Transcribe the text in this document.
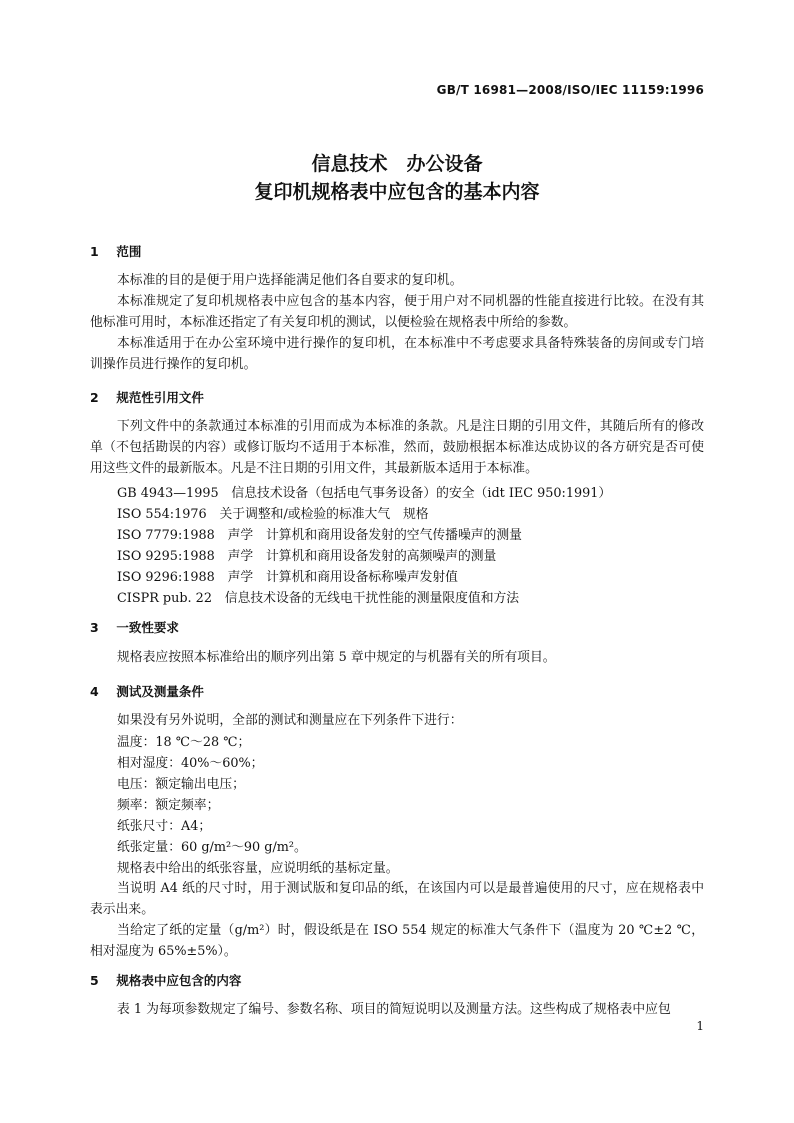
GB/T 16981—2008/ISO/IEC 11159:1996
信息技术　办公设备
复印机规格表中应包含的基本内容
1 范围
本标准的目的是便于用户选择能满足他们各自要求的复印机。
本标准规定了复印机规格表中应包含的基本内容，便于用户对不同机器的性能直接进行比较。在没有其他标准可用时，本标准还指定了有关复印机的测试，以便检验在规格表中所给的参数。
本标准适用于在办公室环境中进行操作的复印机，在本标准中不考虑要求具备特殊装备的房间或专门培训操作员进行操作的复印机。
2 规范性引用文件
下列文件中的条款通过本标准的引用而成为本标准的条款。凡是注日期的引用文件，其随后所有的修改单（不包括勘误的内容）或修订版均不适用于本标准，然而，鼓励根据本标准达成协议的各方研究是否可使用这些文件的最新版本。凡是不注日期的引用文件，其最新版本适用于本标准。
GB 4943—1995　信息技术设备（包括电气事务设备）的安全（idt IEC 950:1991）
ISO 554:1976　关于调整和/或检验的标准大气　规格
ISO 7779:1988　声学　计算机和商用设备发射的空气传播噪声的测量
ISO 9295:1988　声学　计算机和商用设备发射的高频噪声的测量
ISO 9296:1988　声学　计算机和商用设备标称噪声发射值
CISPR pub. 22　信息技术设备的无线电干扰性能的测量限度值和方法
3 一致性要求
规格表应按照本标准给出的顺序列出第 5 章中规定的与机器有关的所有项目。
4 测试及测量条件
如果没有另外说明，全部的测试和测量应在下列条件下进行：
温度：18 ℃～28 ℃；
相对湿度：40%～60%；
电压：额定输出电压；
频率：额定频率；
纸张尺寸：A4；
纸张定量：60 g/m²～90 g/m²。
规格表中给出的纸张容量，应说明纸的基标定量。
当说明 A4 纸的尺寸时，用于测试版和复印品的纸，在该国内可以是最普遍使用的尺寸，应在规格表中表示出来。
当给定了纸的定量（g/m²）时，假设纸是在 ISO 554 规定的标准大气条件下（温度为 20 ℃±2 ℃，相对湿度为 65%±5%）。
5 规格表中应包含的内容
表 1 为每项参数规定了编号、参数名称、项目的简短说明以及测量方法。这些构成了规格表中应包
1
